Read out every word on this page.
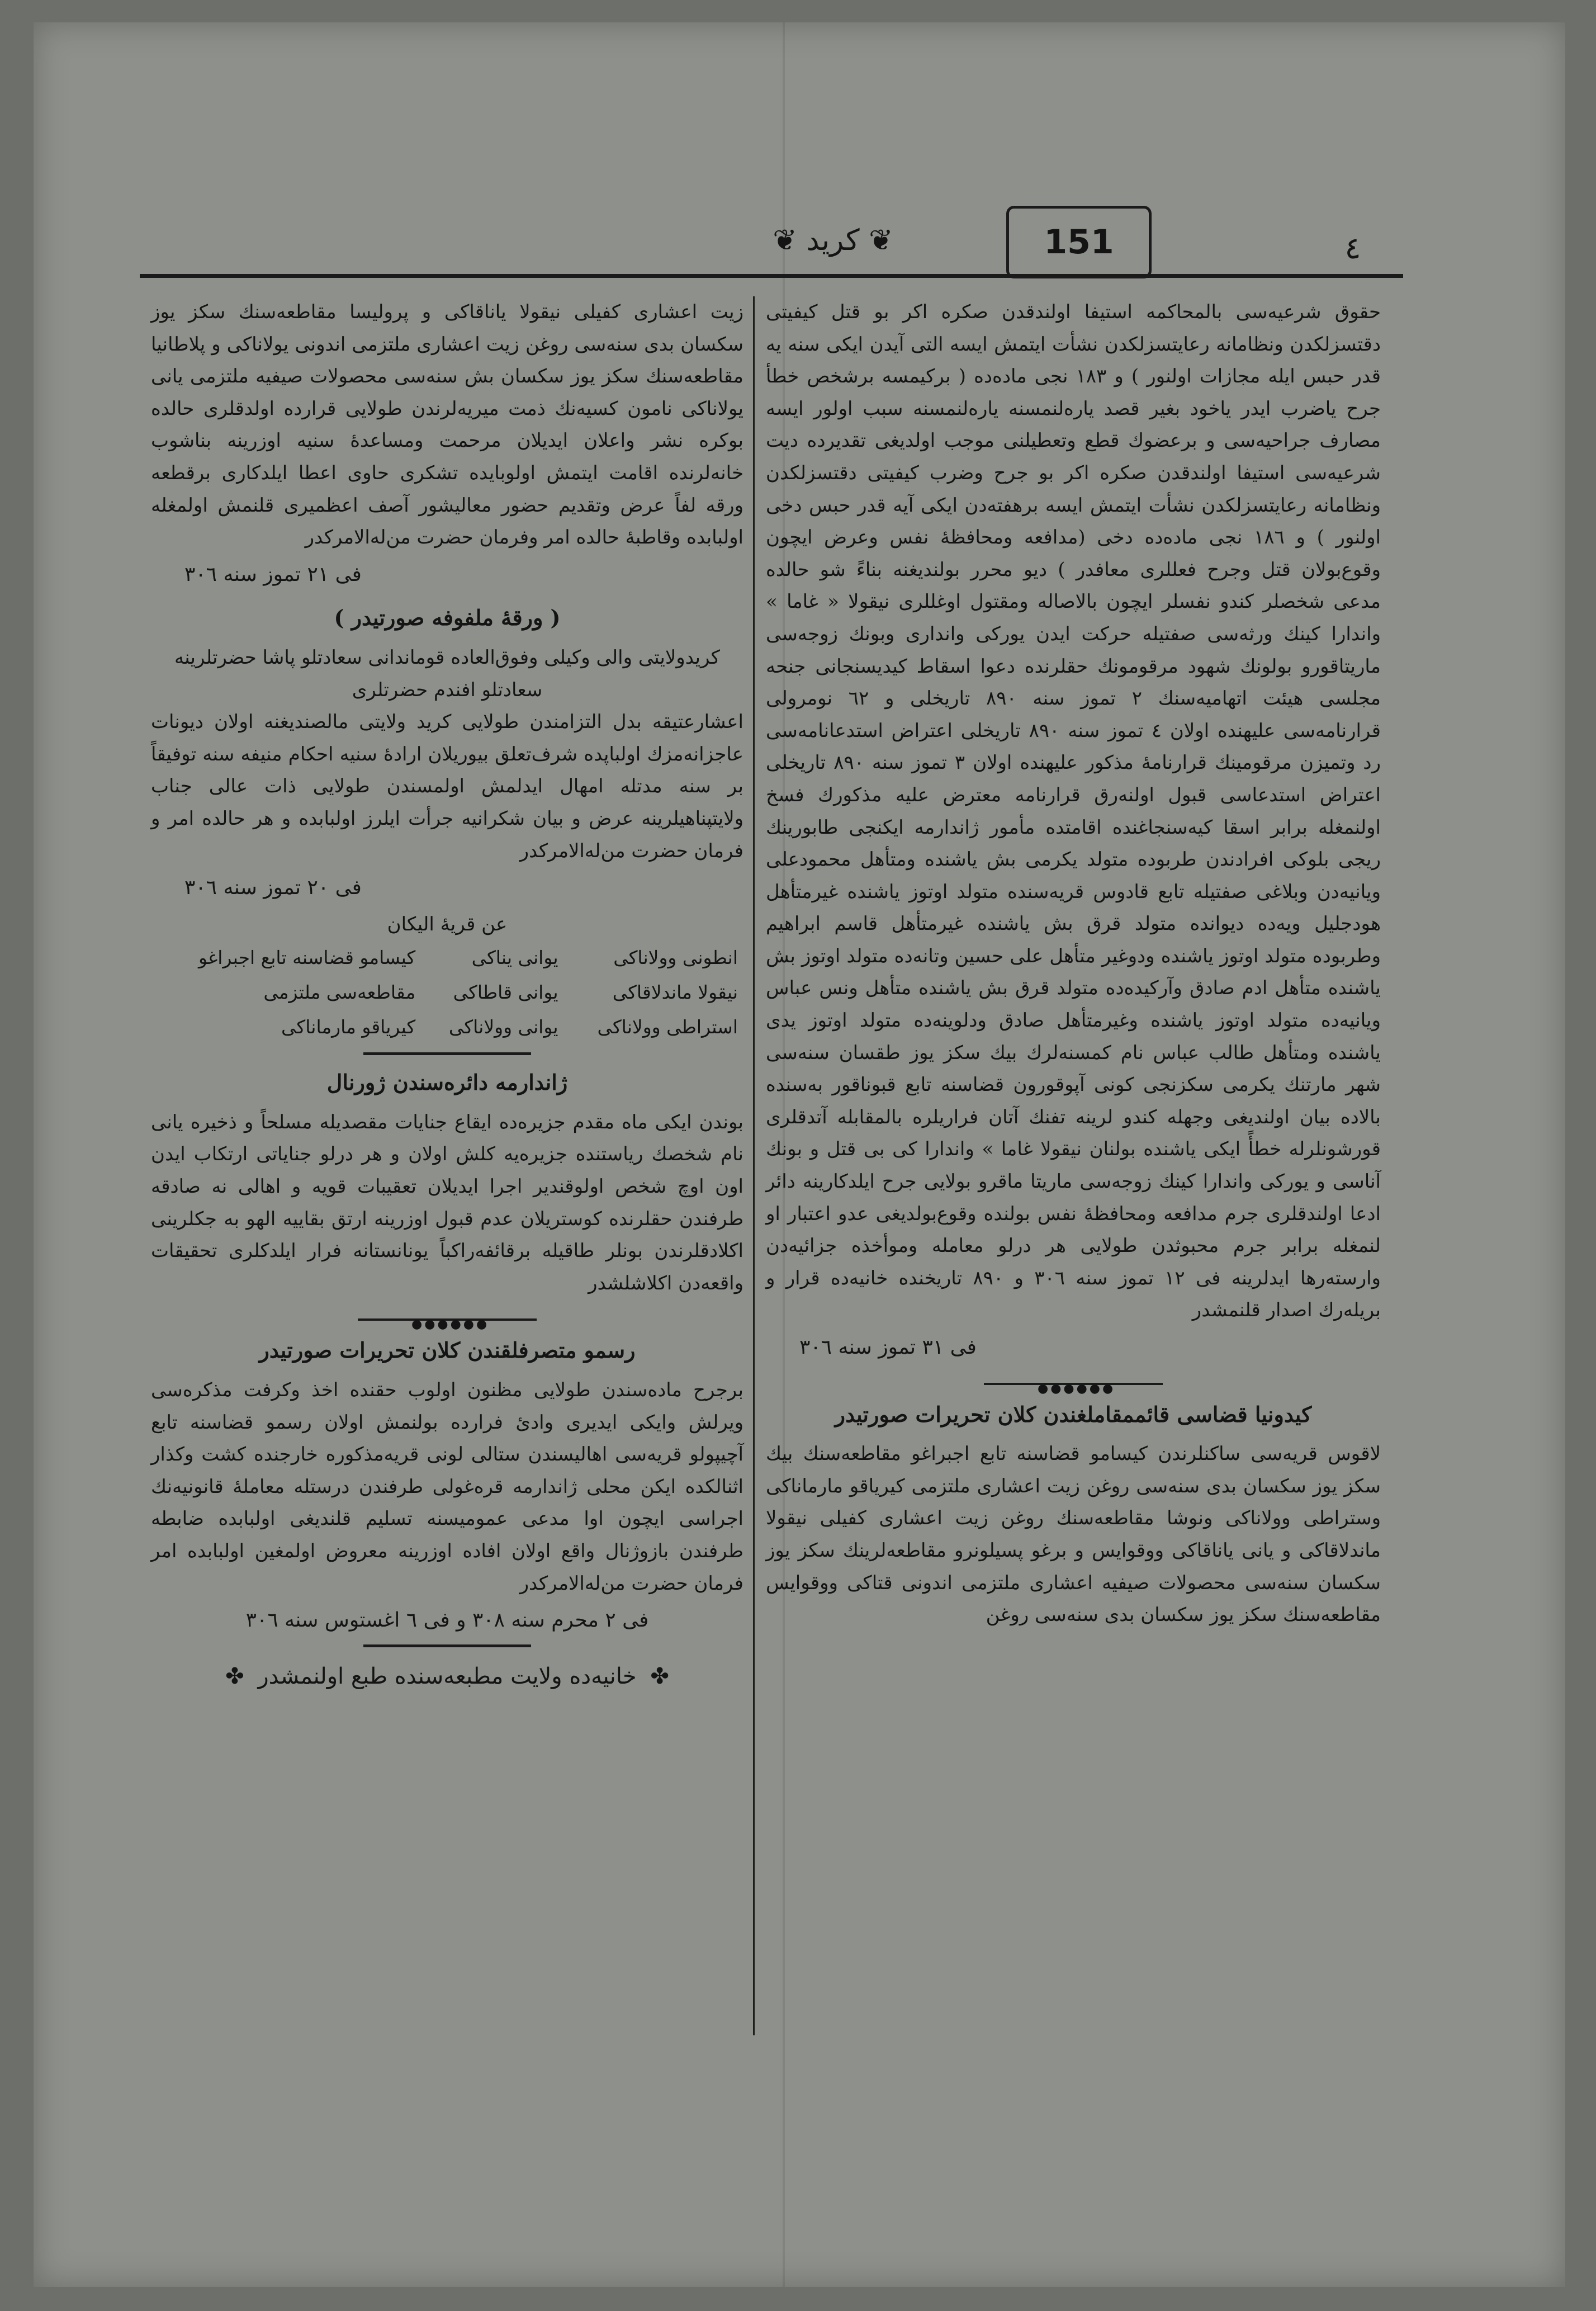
151
❦ کرید ❦	٤

حقوق شرعیه‌سی بالمحاکمه استیفا اولندقدن صکره اکر بو قتل کیفیتی دقتسزلکدن ونظامانه رعایتسزلکدن نشأت ایتمش ایسه التی آیدن ایکی سنه یه قدر حبس ایله مجازات اولنور ) و ۱۸۳ نجی ماده‌ده ( برکیمسه برشخص خطأ جرح یاضرب ایدر یاخود بغیر قصد یاره‌لنمسنه یاره‌لنمسنه سبب اولور ایسه مصارف جراحیه‌سی و برعضوك قطع وتعطیلنی موجب اولدیغی تقدیرده دیت شرعیه‌سی استیفا اولندقدن صکره اکر بو جرح وضرب کیفیتی دقتسزلکدن ونظامانه رعایتسزلکدن نشأت ایتمش ایسه برهفته‌دن ایکی آیه قدر حبس دخی اولنور ) و ۱۸٦ نجی ماده‌ده دخی (مدافعه ومحافظهٔ نفس وعرض ایچون وقوع‌بولان قتل وجرح فعللری معافدر ) دیو محرر بولندیغنه بناءً شو حالده مدعی شخصلر کندو نفسلر ایچون بالاصاله ومقتول اوغللری نیقولا « غاما » واندارا کینك ورثه‌سی صفتیله حرکت ایدن یورکی وانداری وبونك زوجه‌سی ماریتاقورو بولونك شهود مرقومونك حقلرنده دعوا اسقاط کیدیسنجانی جنحه مجلسی هیئت اتهامیه‌سنك ۲ تموز سنه ۸۹۰ تاریخلی و ٦۲ نومرولی قرارنامه‌سی علیهنده اولان ٤ تموز سنه ۸۹۰ تاریخلی اعتراض استدعانامه‌سی رد وتمیزن مرقومینك قرارنامهٔ مذکور علیهنده اولان ۳ تموز سنه ۸۹۰ تاریخلی اعتراض استدعاسی قبول اولنه‌رق قرارنامه معترض علیه مذکورك فسخ اولنمغله برابر اسقا کیه‌سنجاغنده اقامتده مأمور ژاندارمه ایکنجی طابورینك ریجی بلوکی افرادندن طربوده متولد یکرمی بش یاشنده ومتأهل محمودعلی ویانیه‌دن وبلاغی صفتیله تابع قادوس قریه‌سنده متولد اوتوز یاشنده غیرمتأهل هودجلیل ویه‌ده دیوانده متولد قرق بش یاشنده غیرمتأهل قاسم ابراهیم وطربوده متولد اوتوز یاشنده ودوغیر متأهل علی حسین وتانه‌ده متولد اوتوز بش یاشنده متأهل ادم صادق وآرکیده‌ده متولد قرق بش یاشنده متأهل ونس عباس ویانیه‌ده متولد اوتوز یاشنده وغیرمتأهل صادق ودلوینه‌ده متولد اوتوز یدی یاشنده ومتأهل طالب عباس نام کمسنه‌لرك بیك سکز یوز طقسان سنه‌سی شهر مارتنك یکرمی سکزنجی کونی آپوقورون قضاسنه تابع قبوناقور به‌سنده بالاده بیان اولندیغی وجهله کندو لرینه تفنك آتان فراریلره بالمقابله آتدقلری قورشونلرله خطأً ایکی یاشنده بولنان نیقولا غاما » واندارا کی بی قتل و بونك آناسی و یورکی واندارا کینك زوجه‌سی ماریتا ماقرو بولایی جرح ایلدکارینه دائر ادعا اولندقلری جرم مدافعه ومحافظهٔ نفس بولنده وقوع‌بولدیغی عدو اعتبار او لنمغله برابر جرم محبوثدن طولایی هر درلو معامله وموأخذه جزائیه‌دن وارسته‌رها ایدلرینه فی ۱۲ تموز سنه ۳۰٦ و ۸۹۰ تاریخنده خانیه‌ده قرار و بریله‌رك اصدار قلنمشدر

فی ۳۱ تموز سنه ۳۰٦
●●●●●●
کیدونیا قضاسی قائممقاملغندن کلان تحریرات صورتیدر

لاقوس قریه‌سی ساکنلرندن کیسامو قضاسنه تابع اجبراغو مقاطعه‌سنك بیك سکز یوز سکسان بدی سنه‌سی روغن زیت اعشاری ملتزمی کیریاقو مارماناکی وستراطی وولاناکی ونوشا مقاطعه‌سنك روغن زیت اعشاری کفیلی نیقولا ماندلاقاکی و یانی یاناقاکی ووقوایس و برغو پسیلونرو مقاطعه‌لرینك سکز یوز سکسان سنه‌سی محصولات صیفیه اعشاری ملتزمی اندونی قتاکی ووقوایس مقاطعه‌سنك سکز یوز سکسان بدی سنه‌سی روغن

زیت اعشاری کفیلی نیقولا یاناقاکی و پرولیسا مقاطعه‌سنك سکز یوز سکسان بدی سنه‌سی روغن زیت اعشاری ملتزمی اندونی یولاناکی و پلاطانیا مقاطعه‌سنك سکز یوز سکسان بش سنه‌سی محصولات صیفیه ملتزمی یانی یولاناکی نامون کسیه‌نك ذمت میریه‌لرندن طولایی قرارده اولدقلری حالده بوکره نشر واعلان ایدیلان مرحمت ومساعدهٔ سنیه اوزرینه بناشوب خانه‌لرنده اقامت ایتمش اولوبایده تشکری حاوی اعطا ایلدکاری برقطعه ورقه لفاً عرض وتقدیم حضور معالیشور آصف اعظمیری قلنمش اولمغله اولبابده وقاطبهٔ حالده امر وفرمان حضرت من‌له‌الامرکدر

فی ۲۱ تموز سنه ۳۰٦
( ورقهٔ ملفوفه صورتیدر )
کریدولایتی والی وکیلی وفوق‌العاده قوماندانی سعادتلو پاشا حضرتلرینه
سعادتلو افندم حضرتلری

اعشارعتیقه بدل التزامندن طولایی کرید ولایتی مالصندیغنه اولان دیونات عاجزانه‌مزك اولباپده شرف‌تعلق بیوریلان ارادهٔ سنیه احکام منیفه سنه توفیقاً بر سنه مدتله امهال ایدلمش اولمسندن طولایی ذات عالی جناب ولایتپناهیلرینه عرض و بیان شکرانیه جرأت ایلرز اولبابده و هر حالده امر و فرمان حضرت من‌له‌الامرکدر

فی ۲۰ تموز سنه ۳۰٦
عن قریهٔ الیکان
انطونی وولاناکی	یوانی یناکی	کیسامو قضاسنه تابع اجبراغو
نیقولا ماندلاقاکی	یوانی قاطاکی	مقاطعه‌سی ملتزمی
استراطی وولاناکی	یوانی وولاناکی	کیریاقو مارماناکی
ژاندارمه دائره‌سندن ژورنال

بوندن ایکی ماه مقدم جزیره‌ده ایقاع جنایات مقصدیله مسلحاً و ذخیره یانی نام شخصك ریاستنده جزیره‌یه کلش اولان و هر درلو جنایاتی ارتکاب ایدن اون اوچ شخص اولوقندیر اجرا ایدیلان تعقیبات قویه و اهالی‌ نه صادقه طرفندن حقلرنده کوستریلان عدم قبول اوزرینه ارتق بقاییه الهو به جکلرینی اکلادقلرندن بونلر طاقیله برقائفه‌راکباً یونانستانه فرار ایلدکلری تحقیقات واقعه‌دن اکلاشلشدر

●●●●●●
رسمو متصرفلقندن کلان تحریرات صورتیدر

برجرح ماده‌سندن طولایی مظنون اولوب حقنده اخذ وکرفت مذکره‌سی ویرلش وایکی ایدیری وادیٔ فرارده بولنمش اولان رسمو قضاسنه تابع آچیپولو قریه‌سی اهالیسندن ستالی لونی قریه‌مذکوره خارجنده کشت وکذار اثنالکده ایکن محلی ژاندارمه قره‌غولی طرفندن درستله معامله‌ٔ قانونیه‌نك اجراسی ایچون اوا مدعی عمومیسنه تسلیم قلندیغی اولبابده ضابطه طرفندن بازوژنال واقع اولان افاده اوزرینه معروض اولمغین اولبابده امر فرمان حضرت من‌له‌الامرکدر

فی ۲ محرم سنه ۳۰۸ و فی ٦ اغستوس سنه ۳۰٦
✤ خانیه‌ده ولایت مطبعه‌سنده طبع اولنمشدر ✤
